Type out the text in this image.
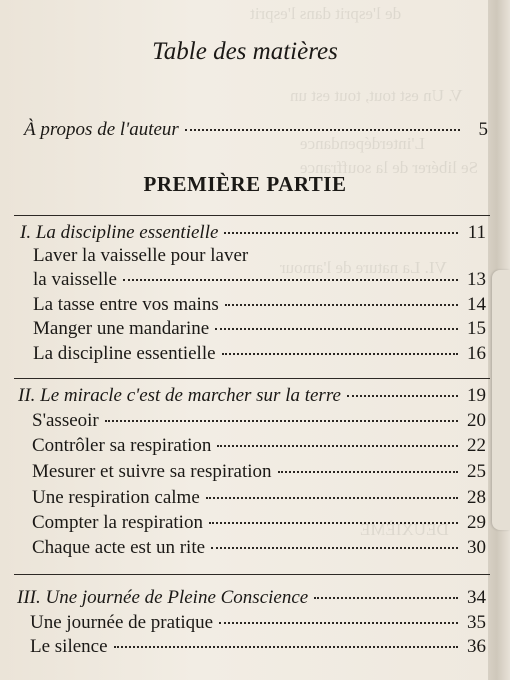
de l'esprit dans l'esprit
V. Un est tout, tout est un
L'interdépendance
Se libérer de la souffrance
VI. La nature de l'amour
DEUXIÈME
Table des matières
À propos de l'auteur	5
PREMIÈRE PARTIE
I. La discipline essentielle	11
Laver la vaisselle pour laver
la vaisselle	13
La tasse entre vos mains	14
Manger une mandarine	15
La discipline essentielle	16
II. Le miracle c'est de marcher sur la terre	19
S'asseoir	20
Contrôler sa respiration	22
Mesurer et suivre sa respiration	25
Une respiration calme	28
Compter la respiration	29
Chaque acte est un rite	30
III. Une journée de Pleine Conscience	34
Une journée de pratique	35
Le silence	36
